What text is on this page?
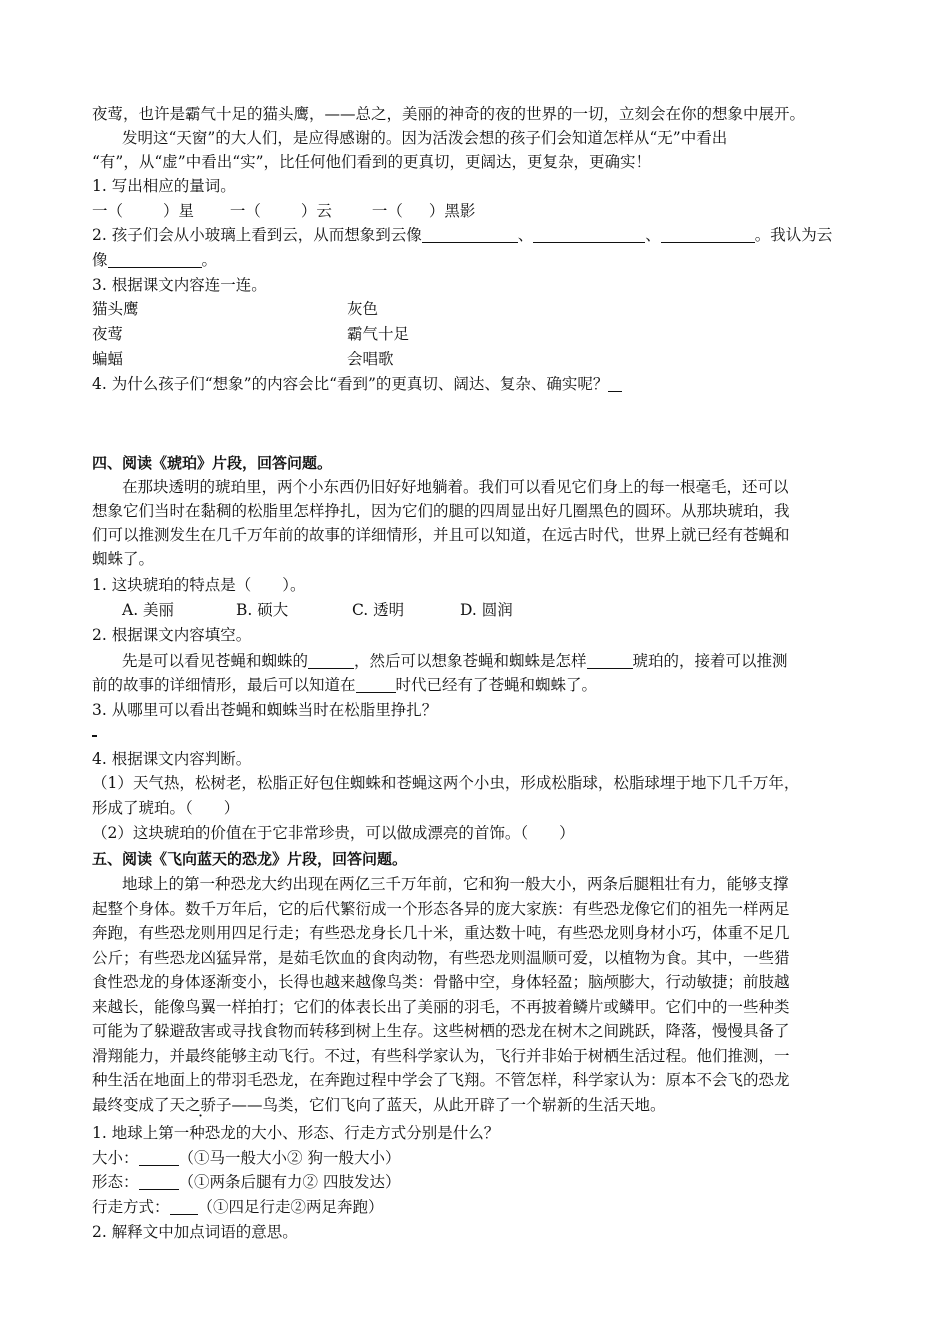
夜莺，也许是霸气十足的猫头鹰，——总之，美丽的神奇的夜的世界的一切，立刻会在你的想象中展开。
发明这“天窗”的大人们，是应得感谢的。因为活泼会想的孩子们会知道怎样从“无”中看出
“有”，从“虚”中看出“实”，比任何他们看到的更真切，更阔达，更复杂，更确实！
1. 写出相应的量词。
一（	）星 一（	）云	一（ ）黑影
2. 孩子们会从小玻璃上看到云，从而想象到云像	、	、	。我认为云
像	。
3. 根据课文内容连一连。
猫头鹰	灰色
夜莺	霸气十足
蝙蝠	会唱歌
4. 为什么孩子们“想象”的内容会比“看到”的更真切、阔达、复杂、确实呢？
四、阅读《琥珀》片段，回答问题。
在那块透明的琥珀里，两个小东西仍旧好好地躺着。我们可以看见它们身上的每一根毫毛，还可以
想象它们当时在黏稠的松脂里怎样挣扎，因为它们的腿的四周显出好几圈黑色的圆环。从那块琥珀，我
们可以推测发生在几千万年前的故事的详细情形，并且可以知道，在远古时代，世界上就已经有苍蝇和
蜘蛛了。
1. 这块琥珀的特点是（　　）。
A. 美丽	B. 硕大	C. 透明	D. 圆润
2. 根据课文内容填空。
先是可以看见苍蝇和蜘蛛的	，然后可以想象苍蝇和蜘蛛是怎样	琥珀的，接着可以推测
前的故事的详细情形，最后可以知道在	时代已经有了苍蝇和蜘蛛了。
3. 从哪里可以看出苍蝇和蜘蛛当时在松脂里挣扎？
4. 根据课文内容判断。
（1）天气热，松树老，松脂正好包住蜘蛛和苍蝇这两个小虫，形成松脂球，松脂球埋于地下几千万年，
形成了琥珀。（　　）
（2）这块琥珀的价值在于它非常珍贵，可以做成漂亮的首饰。（　　）
五、阅读《飞向蓝天的恐龙》片段，回答问题。
地球上的第一种恐龙大约出现在两亿三千万年前，它和狗一般大小，两条后腿粗壮有力，能够支撑
起整个身体。数千万年后，它的后代繁衍成一个形态各异的庞大家族：有些恐龙像它们的祖先一样两足
奔跑，有些恐龙则用四足行走；有些恐龙身长几十米，重达数十吨，有些恐龙则身材小巧，体重不足几
公斤；有些恐龙凶猛异常，是茹毛饮血的食肉动物，有些恐龙则温顺可爱，以植物为食。其中，一些猎
食性恐龙的身体逐渐变小，长得也越来越像鸟类：骨骼中空，身体轻盈；脑颅膨大，行动敏捷；前肢越
来越长，能像鸟翼一样拍打；它们的体表长出了美丽的羽毛，不再披着鳞片或鳞甲。它们中的一些种类
可能为了躲避敌害或寻找食物而转移到树上生存。这些树栖的恐龙在树木之间跳跃，降落，慢慢具备了
滑翔能力，并最终能够主动飞行。不过，有些科学家认为，飞行并非始于树栖生活过程。他们推测，一
种生活在地面上的带羽毛恐龙，在奔跑过程中学会了飞翔。不管怎样，科学家认为：原本不会飞的恐龙
最终变成了天之骄子——鸟类，它们飞向了蓝天，从此开辟了一个崭新的生活天地。
1. 地球上第一种恐龙的大小、形态、行走方式分别是什么？
大小：	（①马一般大小② 狗一般大小）
形态：	（①两条后腿有力② 四肢发达）
行走方式： （①四足行走②两足奔跑）
2. 解释文中加点词语的意思。
